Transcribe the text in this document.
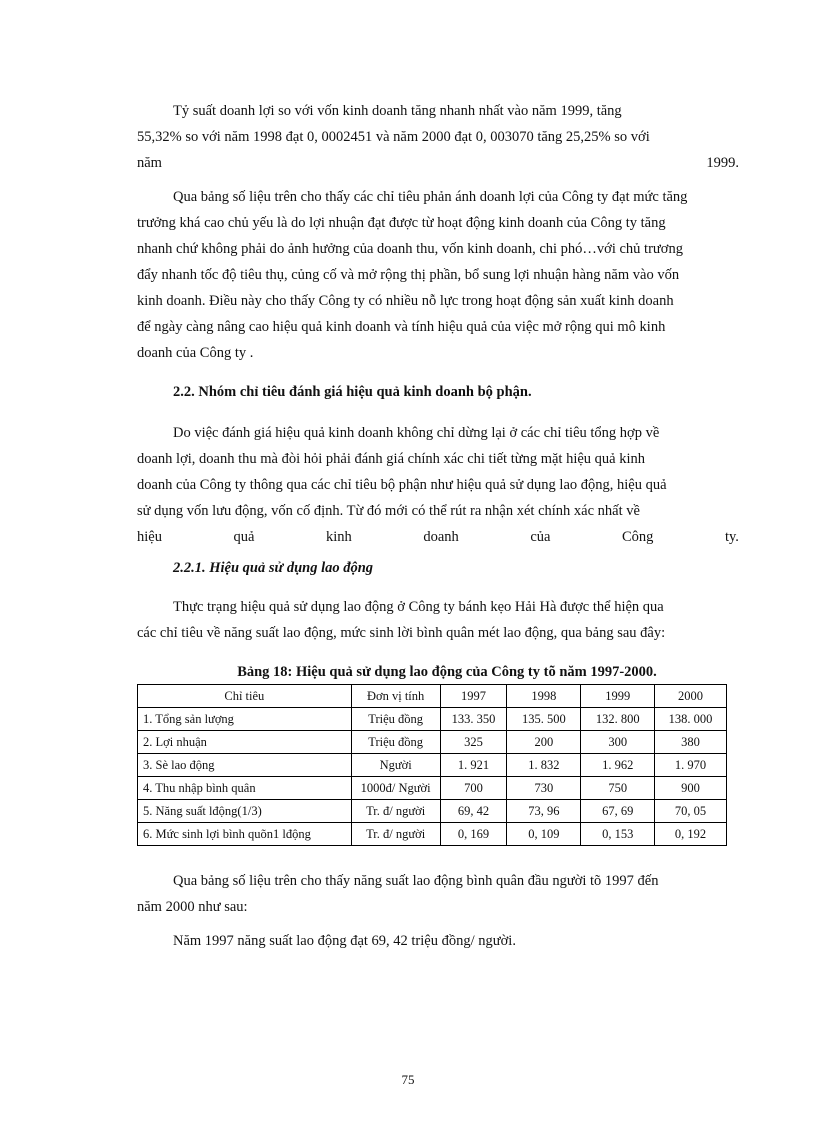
Tỷ suất doanh lợi so với vốn kinh doanh tăng nhanh nhất vào năm 1999, tăng
55,32% so với năm 1998 đạt 0, 0002451 và năm 2000 đạt 0, 003070 tăng 25,25% so với
năm	1999.
Qua bảng số liệu trên cho thấy các chỉ tiêu phản ánh doanh lợi của Công ty đạt mức tăng
trưởng khá cao chủ yếu là do lợi nhuận đạt được từ hoạt động kinh doanh của Công ty tăng
nhanh chứ không phải do ảnh hưởng của doanh thu, vốn kinh doanh, chi phó…với chủ trương
đẩy nhanh tốc độ tiêu thụ, củng cố và mở rộng thị phần, bổ sung lợi nhuận hàng năm vào vốn
kinh doanh. Điều này cho thấy Công ty có nhiều nỗ lực trong hoạt động sản xuất kinh doanh
để ngày càng nâng cao hiệu quả kinh doanh và tính hiệu quả của việc mở rộng qui mô kinh
doanh của Công ty .

2.2. Nhóm chỉ tiêu đánh giá hiệu quả kinh doanh bộ phận.

Do việc đánh giá hiệu quả kinh doanh không chỉ dừng lại ở các chỉ tiêu tổng hợp về
doanh lợi, doanh thu mà đòi hỏi phải đánh giá chính xác chi tiết từng mặt hiệu quả kinh
doanh của Công ty thông qua các chỉ tiêu bộ phận như hiệu quả sử dụng lao động, hiệu quả
sử dụng vốn lưu động, vốn cố định. Từ đó mới có thể rút ra nhận xét chính xác nhất về
hiệu	quả	kinh	doanh	của	Công	ty.

2.2.1. Hiệu quả sử dụng lao động

Thực trạng hiệu quả sử dụng lao động ở Công ty bánh kẹo Hải Hà được thể hiện qua
các chỉ tiêu về năng suất lao động, mức sinh lời bình quân mét lao động, qua bảng sau đây:

Bảng 18: Hiệu quả sử dụng lao động của Công ty tõ năm 1997-2000.

Chỉ tiêu	Đơn vị tính	1997	1998	1999	2000
1. Tổng sản lượng	Triệu đồng	133. 350	135. 500	132. 800	138. 000
2. Lợi nhuận	Triệu đồng	325	200	300	380
3. Sè lao động	Người	1. 921	1. 832	1. 962	1. 970
4. Thu nhập bình quân	1000đ/ Người	700	730	750	900
5. Năng suất lđộng(1/3)	Tr. đ/ người	69, 42	73, 96	67, 69	70, 05
6. Mức sinh lợi bình quõn1 lđộng	Tr. đ/ người	0, 169	0, 109	0, 153	0, 192
Qua bảng số liệu trên cho thấy năng suất lao động bình quân đầu người tõ 1997 đến
năm 2000 như sau:
Năm 1997 năng suất lao động đạt 69, 42 triệu đồng/ người.
75
